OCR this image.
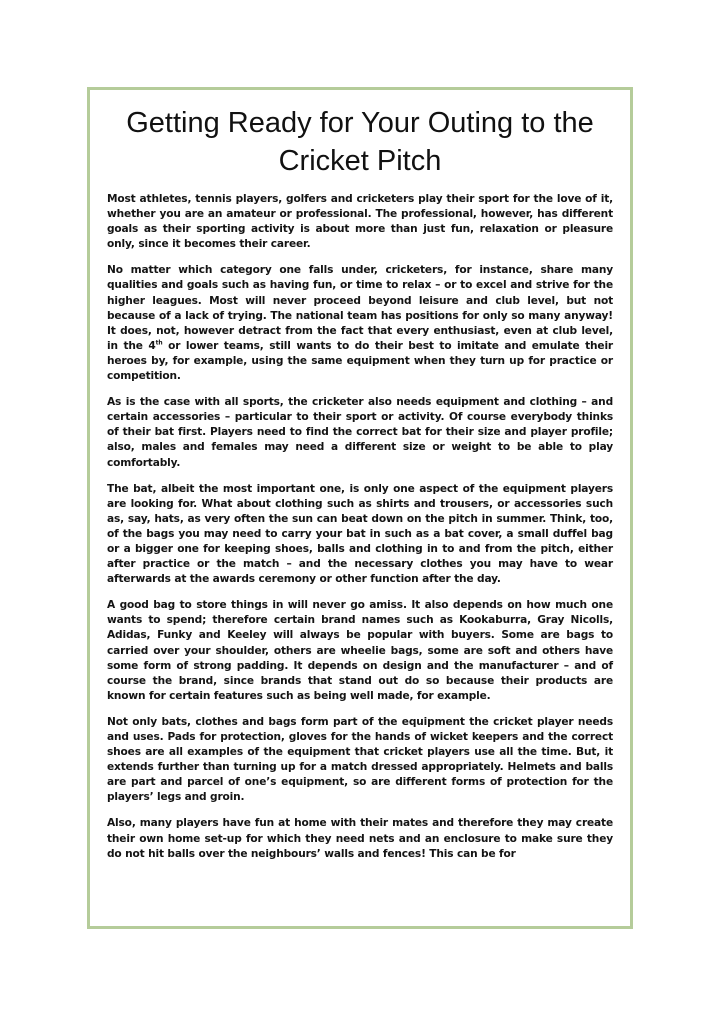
Getting Ready for Your Outing to the Cricket Pitch

Most athletes, tennis players, golfers and cricketers play their sport for the love of it, whether you are an amateur or professional. The professional, however, has different goals as their sporting activity is about more than just fun, relaxation or pleasure only, since it becomes their career.

No matter which category one falls under, cricketers, for instance, share many qualities and goals such as having fun, or time to relax – or to excel and strive for the higher leagues. Most will never proceed beyond leisure and club level, but not because of a lack of trying. The national team has positions for only so many anyway! It does, not, however detract from the fact that every enthusiast, even at club level, in the 4th or lower teams, still wants to do their best to imitate and emulate their heroes by, for example, using the same equipment when they turn up for practice or competition.

As is the case with all sports, the cricketer also needs equipment and clothing – and certain accessories – particular to their sport or activity. Of course everybody thinks of their bat first. Players need to find the correct bat for their size and player profile; also, males and females may need a different size or weight to be able to play comfortably.

The bat, albeit the most important one, is only one aspect of the equipment players are looking for. What about clothing such as shirts and trousers, or accessories such as, say, hats, as very often the sun can beat down on the pitch in summer. Think, too, of the bags you may need to carry your bat in such as a bat cover, a small duffel bag or a bigger one for keeping shoes, balls and clothing in to and from the pitch, either after practice or the match – and the necessary clothes you may have to wear afterwards at the awards ceremony or other function after the day.

A good bag to store things in will never go amiss. It also depends on how much one wants to spend; therefore certain brand names such as Kookaburra, Gray Nicolls, Adidas, Funky and Keeley will always be popular with buyers. Some are bags to carried over your shoulder, others are wheelie bags, some are soft and others have some form of strong padding. It depends on design and the manufacturer – and of course the brand, since brands that stand out do so because their products are known for certain features such as being well made, for example.

Not only bats, clothes and bags form part of the equipment the cricket player needs and uses. Pads for protection, gloves for the hands of wicket keepers and the correct shoes are all examples of the equipment that cricket players use all the time. But, it extends further than turning up for a match dressed appropriately. Helmets and balls are part and parcel of one’s equipment, so are different forms of protection for the players’ legs and groin.

Also, many players have fun at home with their mates and therefore they may create their own home set-up for which they need nets and an enclosure to make sure they do not hit balls over the neighbours’ walls and fences! This can be for
